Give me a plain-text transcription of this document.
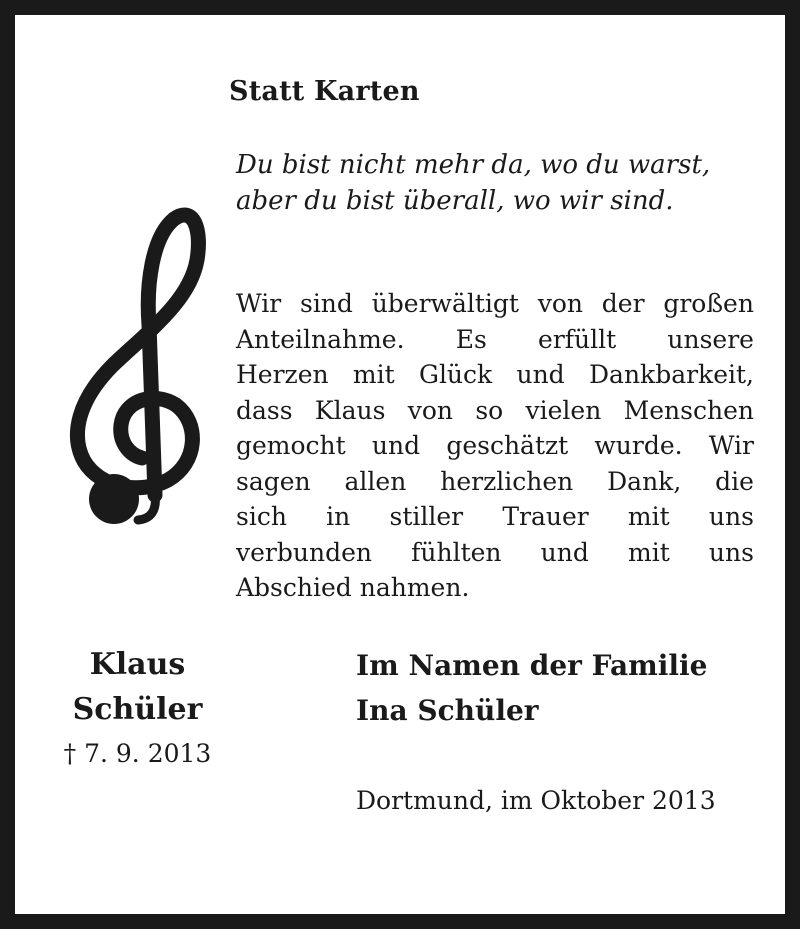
Statt Karten
Du bist nicht mehr da, wo du warst,
aber du bist überall, wo wir sind.
Wir sind überwältigt von der großen
Anteilnahme. Es erfüllt unsere
Herzen mit Glück und Dankbarkeit,
dass Klaus von so vielen Menschen
gemocht und geschätzt wurde. Wir
sagen allen herzlichen Dank, die
sich in stiller Trauer mit uns
verbunden fühlten und mit uns
Abschied nahmen.
Klaus
Schüler
† 7. 9. 2013
Im Namen der Familie
Ina Schüler
Dortmund, im Oktober 2013
